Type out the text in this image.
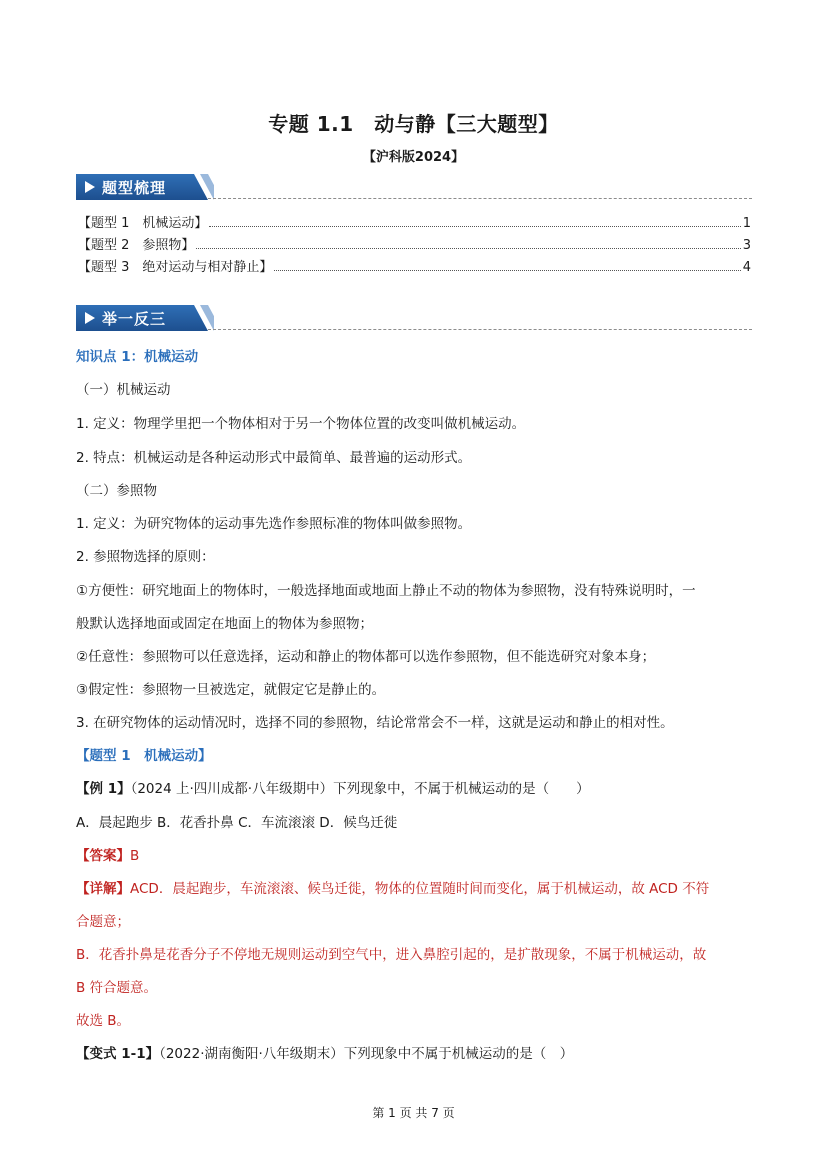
专题 1.1　动与静【三大题型】
【沪科版2024】
题型梳理
【题型 1　机械运动】	1
【题型 2　参照物】	3
【题型 3　绝对运动与相对静止】	4
举一反三
知识点 1：机械运动
（一）机械运动
1. 定义：物理学里把一个物体相对于另一个物体位置的改变叫做机械运动。
2. 特点：机械运动是各种运动形式中最简单、最普遍的运动形式。
（二）参照物
1. 定义：为研究物体的运动事先选作参照标准的物体叫做参照物。
2. 参照物选择的原则：
①方便性：研究地面上的物体时，一般选择地面或地面上静止不动的物体为参照物，没有特殊说明时，一
般默认选择地面或固定在地面上的物体为参照物；
②任意性：参照物可以任意选择，运动和静止的物体都可以选作参照物，但不能选研究对象本身；
③假定性：参照物一旦被选定，就假定它是静止的。
3. 在研究物体的运动情况时，选择不同的参照物，结论常常会不一样，这就是运动和静止的相对性。
【题型 1　机械运动】
【例 1】（2024 上·四川成都·八年级期中）下列现象中，不属于机械运动的是（　　）
A．晨起跑步 B．花香扑鼻 C．车流滚滚 D．候鸟迁徙
【答案】B
【详解】ACD．晨起跑步，车流滚滚、候鸟迁徙，物体的位置随时间而变化，属于机械运动，故 ACD 不符
合题意；
B．花香扑鼻是花香分子不停地无规则运动到空气中，进入鼻腔引起的，是扩散现象，不属于机械运动，故
B 符合题意。
故选 B。
【变式 1-1】（2022·湖南衡阳·八年级期末）下列现象中不属于机械运动的是（　）
第 1 页 共 7 页
